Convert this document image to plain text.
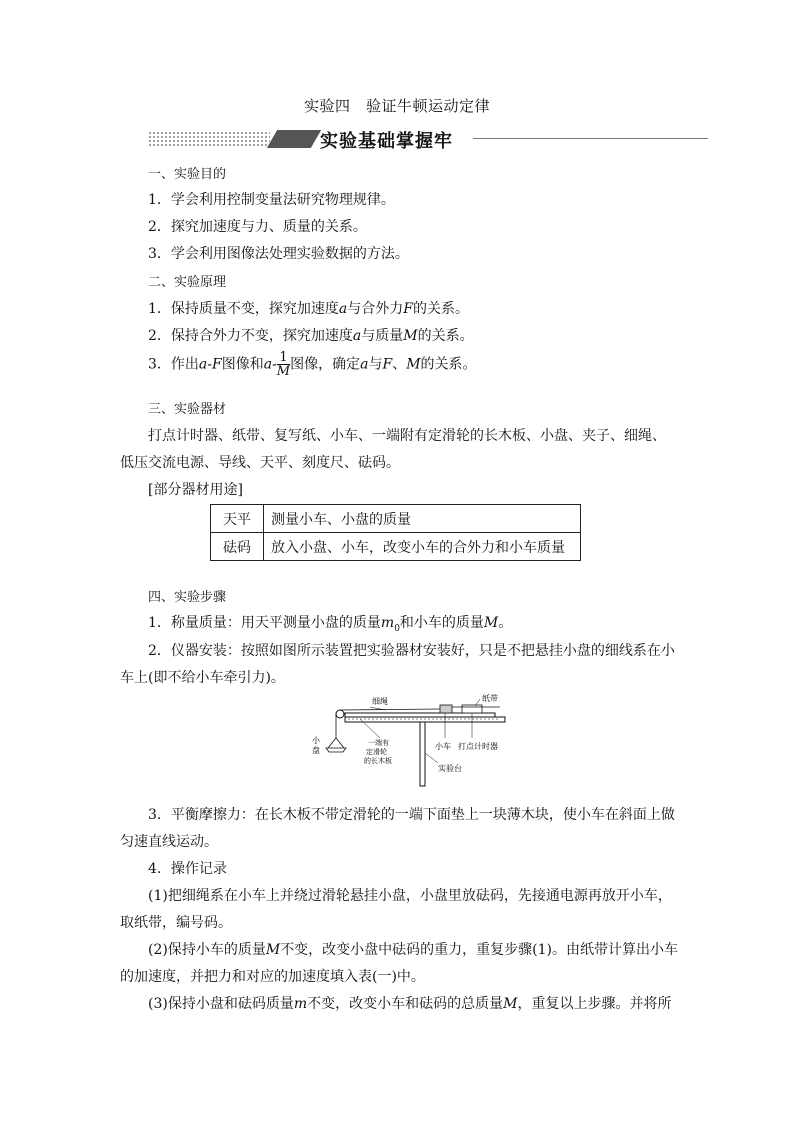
实验四　验证牛顿运动定律
实验基础掌握牢
一、实验目的
1．学会利用控制变量法研究物理规律。
2．探究加速度与力、质量的关系。
3．学会利用图像法处理实验数据的方法。
二、实验原理
1．保持质量不变，探究加速度a与合外力F的关系。
2．保持合外力不变，探究加速度a与质量M的关系。
3．作出a-F图像和$a- \frac{1}{M}$ 图像，确定a与F、M的关系。
三、实验器材
打点计时器、纸带、复写纸、小车、一端附有定滑轮的长木板、小盘、夹子、细绳、
低压交流电源、导线、天平、刻度尺、砝码。
[部分器材用途]
天平	测量小车、小盘的质量
砝码	放入小盘、小车，改变小车的合外力和小车质量
四、实验步骤
1．称量质量：用天平测量小盘的质量$m_0$和小车的质量M。
2．仪器安装：按照如图所示装置把实验器材安装好，只是不把悬挂小盘的细线系在小
车上(即不给小车牵引力)。
细绳	纸带
小
盘
一端有
定滑轮
的长木板
小车 打点计时器
实验台
3．平衡摩擦力：在长木板不带定滑轮的一端下面垫上一块薄木块，使小车在斜面上做
匀速直线运动。
4．操作记录
(1)把细绳系在小车上并绕过滑轮悬挂小盘，小盘里放砝码，先接通电源再放开小车，
取纸带，编号码。
(2)保持小车的质量M不变，改变小盘中砝码的重力，重复步骤(1)。由纸带计算出小车
的加速度，并把力和对应的加速度填入表(一)中。
(3)保持小盘和砝码质量m不变，改变小车和砝码的总质量M，重复以上步骤。并将所
